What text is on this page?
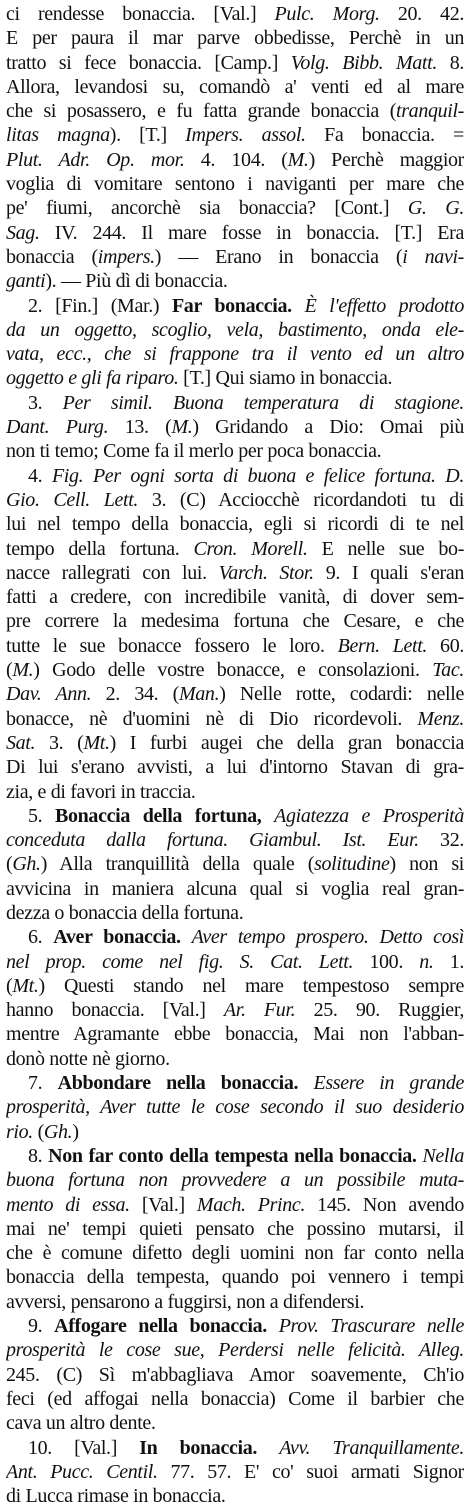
ci rendesse bonaccia. [Val.] Pulc. Morg. 20. 42.
E per paura il mar parve obbedisse, Perchè in un
tratto si fece bonaccia. [Camp.] Volg. Bibb. Matt. 8.
Allora, levandosi su, comandò a' venti ed al mare
che si posassero, e fu fatta grande bonaccia (tranquil-
litas magna). [T.] Impers. assol. Fa bonaccia. =
Plut. Adr. Op. mor. 4. 104. (M.) Perchè maggior
voglia di vomitare sentono i naviganti per mare che
pe' fiumi, ancorchè sia bonaccia? [Cont.] G. G.
Sag. IV. 244. Il mare fosse in bonaccia. [T.] Era
bonaccia (impers.) — Erano in bonaccia (i navi-
ganti). — Più dì di bonaccia.
2. [Fin.] (Mar.) Far bonaccia. È l'effetto prodotto
da un oggetto, scoglio, vela, bastimento, onda ele-
vata, ecc., che si frappone tra il vento ed un altro
oggetto e gli fa riparo. [T.] Qui siamo in bonaccia.
3. Per simil. Buona temperatura di stagione.
Dant. Purg. 13. (M.) Gridando a Dio: Omai più
non ti temo; Come fa il merlo per poca bonaccia.
4. Fig. Per ogni sorta di buona e felice fortuna. D.
Gio. Cell. Lett. 3. (C) Acciocchè ricordandoti tu di
lui nel tempo della bonaccia, egli si ricordi di te nel
tempo della fortuna. Cron. Morell. E nelle sue bo-
nacce rallegrati con lui. Varch. Stor. 9. I quali s'eran
fatti a credere, con incredibile vanità, di dover sem-
pre correre la medesima fortuna che Cesare, e che
tutte le sue bonacce fossero le loro. Bern. Lett. 60.
(M.) Godo delle vostre bonacce, e consolazioni. Tac.
Dav. Ann. 2. 34. (Man.) Nelle rotte, codardi: nelle
bonacce, nè d'uomini nè di Dio ricordevoli. Menz.
Sat. 3. (Mt.) I furbi augei che della gran bonaccia
Di lui s'erano avvisti, a lui d'intorno Stavan di gra-
zia, e di favori in traccia.
5. Bonaccia della fortuna, Agiatezza e Prosperità
conceduta dalla fortuna. Giambul. Ist. Eur. 32.
(Gh.) Alla tranquillità della quale (solitudine) non si
avvicina in maniera alcuna qual si voglia real gran-
dezza o bonaccia della fortuna.
6. Aver bonaccia. Aver tempo prospero. Detto così
nel prop. come nel fig. S. Cat. Lett. 100. n. 1.
(Mt.) Questi stando nel mare tempestoso sempre
hanno bonaccia. [Val.] Ar. Fur. 25. 90. Ruggier,
mentre Agramante ebbe bonaccia, Mai non l'abban-
donò notte nè giorno.
7. Abbondare nella bonaccia. Essere in grande
prosperità, Aver tutte le cose secondo il suo desiderio
rio. (Gh.)
8. Non far conto della tempesta nella bonaccia. Nella
buona fortuna non provvedere a un possibile muta-
mento di essa. [Val.] Mach. Princ. 145. Non avendo
mai ne' tempi quieti pensato che possino mutarsi, il
che è comune difetto degli uomini non far conto nella
bonaccia della tempesta, quando poi vennero i tempi
avversi, pensarono a fuggirsi, non a difendersi.
9. Affogare nella bonaccia. Prov. Trascurare nelle
prosperità le cose sue, Perdersi nelle felicità. Alleg.
245. (C) Sì m'abbagliava Amor soavemente, Ch'io
feci (ed affogai nella bonaccia) Come il barbier che
cava un altro dente.
10. [Val.] In bonaccia. Avv. Tranquillamente.
Ant. Pucc. Centil. 77. 57. E' co' suoi armati Signor
di Lucca rimase in bonaccia.
